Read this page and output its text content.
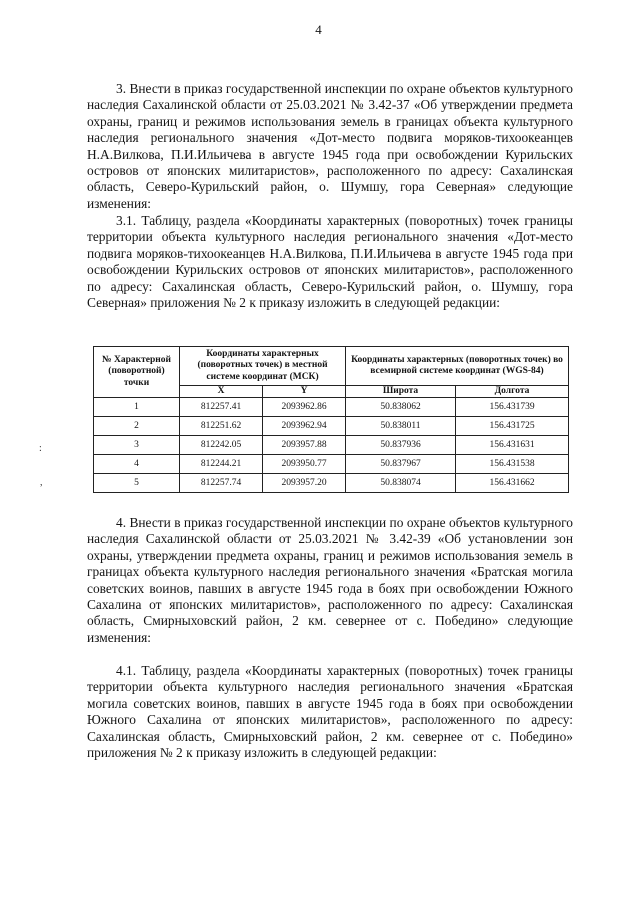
4

3. Внести в приказ государственной инспекции по охране объектов культурного наследия Сахалинской области от 25.03.2021 № 3.42-37 «Об утверждении предмета охраны, границ и режимов использования земель в границах объекта культурного наследия регионального значения «Дот-место подвига моряков-тихоокеанцев Н.А.Вилкова, П.И.Ильичева в августе 1945 года при освобождении Курильских островов от японских милитаристов», расположенного по адресу: Сахалинская область, Северо-Курильский район, о. Шумшу, гора Северная» следующие изменения:

3.1. Таблицу, раздела «Координаты характерных (поворотных) точек границы территории объекта культурного наследия регионального значения «Дот-место подвига моряков-тихоокеанцев Н.А.Вилкова, П.И.Ильичева в августе 1945 года при освобождении Курильских островов от японских милитаристов», расположенного по адресу: Сахалинская область, Северо-Курильский район, о. Шумшу, гора Северная» приложения № 2 к приказу изложить в следующей редакции:

№ Характерной (поворотной) точки	Координаты характерных (поворотных точек) в местной системе координат (МСК)		Координаты характерных (поворотных точек) во всемирной системе координат (WGS-84)	
	X	Y	Широта	Долгота
1	812257.41	2093962.86	50.838062	156.431739
2	812251.62	2093962.94	50.838011	156.431725
3	812242.05	2093957.88	50.837936	156.431631
4	812244.21	2093950.77	50.837967	156.431538
5	812257.74	2093957.20	50.838074	156.431662
:
,

4. Внести в приказ государственной инспекции по охране объектов культурного наследия Сахалинской области от 25.03.2021 № 3.42-39 «Об установлении зон охраны, утверждении предмета охраны, границ и режимов использования земель в границах объекта культурного наследия регионального значения «Братская могила советских воинов, павших в августе 1945 года в боях при освобождении Южного Сахалина от японских милитаристов», расположенного по адресу: Сахалинская область, Смирныховский район, 2 км. севернее от с. Победино» следующие изменения:

4.1. Таблицу, раздела «Координаты характерных (поворотных) точек границы территории объекта культурного наследия регионального значения «Братская могила советских воинов, павших в августе 1945 года в боях при освобождении Южного Сахалина от японских милитаристов», расположенного по адресу: Сахалинская область, Смирныховский район, 2 км. севернее от с. Победино» приложения № 2 к приказу изложить в следующей редакции:
